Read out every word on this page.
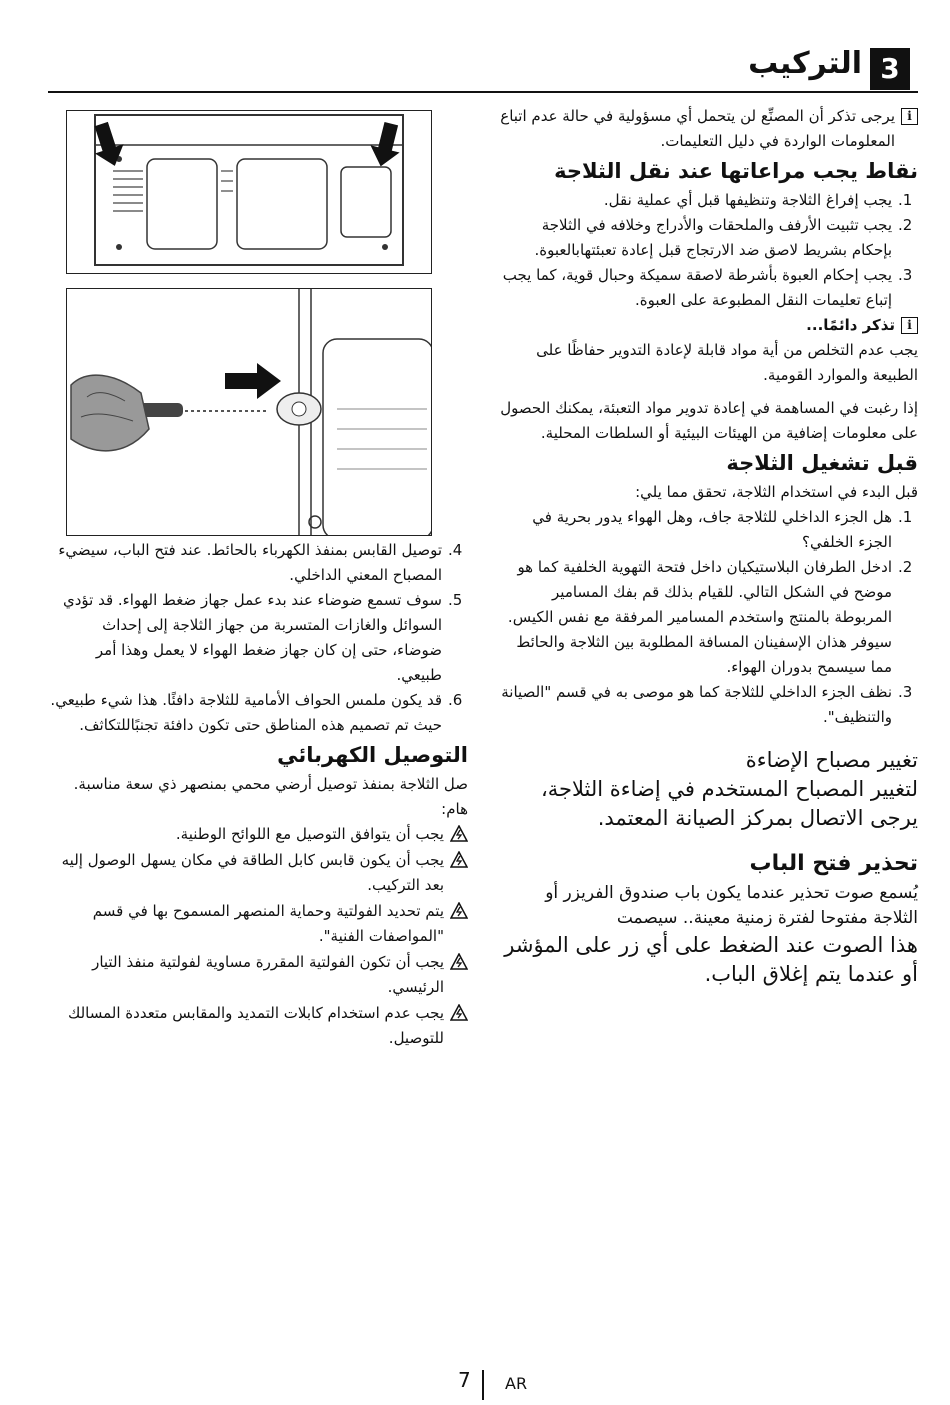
التركيب 3
i

يرجى تذكر أن المصنِّع لن يتحمل أي مسؤولية في حالة عدم اتباع المعلومات الواردة في دليل التعليمات.

نقاط يجب مراعاتها عند نقل الثلاجة
1.
يجب إفراغ الثلاجة وتنظيفها قبل أي عملية نقل.
2.
يجب تثبيت الأرفف والملحقات والأدراج وخلافه في الثلاجة بإحكام بشريط لاصق ضد الارتجاج قبل إعادة تعبئتهابالعبوة.
3.
يجب إحكام العبوة بأشرطة لاصقة سميكة وحبال قوية، كما يجب إتباع تعليمات النقل المطبوعة على العبوة.
i

تذكر دائمًا...

يجب عدم التخلص من أية مواد قابلة لإعادة التدوير حفاظًا على الطبيعة والموارد القومية.

إذا رغبت في المساهمة في إعادة تدوير مواد التعبئة، يمكنك الحصول على معلومات إضافية من الهيئات البيئية أو السلطات المحلية.

قبل تشغيل الثلاجة

قبل البدء في استخدام الثلاجة، تحقق مما يلي:

1.
هل الجزء الداخلي للثلاجة جاف، وهل الهواء يدور بحرية في الجزء الخلفي؟
2.
ادخل الطرفان البلاستيكيان داخل فتحة التهوية الخلفية كما هو موضح في الشكل التالي. للقيام بذلك قم بفك المسامير المربوطة بالمنتج واستخدم المسامير المرفقة مع نفس الكيس.
سيوفر هذان الإسفينان المسافة المطلوبة بين الثلاجة والحائط مما سيسمح بدوران الهواء.
3.
نظف الجزء الداخلي للثلاجة كما هو موصى به في قسم "الصيانة والتنظيف".

تغيير مصباح الإضاءة

لتغيير المصباح المستخدم في إضاءة الثلاجة، يرجى الاتصال بمركز الصيانة المعتمد.

تحذير فتح الباب

يُسمع صوت تحذير عندما يكون باب صندوق الفريزر أو الثلاجة مفتوحا لفترة زمنية معينة.. سيصمت

هذا الصوت عند الضغط على أي زر على المؤشر أو عندما يتم إغلاق الباب.

4.
توصيل القابس بمنفذ الكهرباء بالحائط. عند فتح الباب، سيضيء المصباح المعني الداخلي.
5.
سوف تسمع ضوضاء عند بدء عمل جهاز ضغط الهواء. قد تؤدي السوائل والغازات المتسربة من جهاز الثلاجة إلى إحداث ضوضاء، حتى إن كان جهاز ضغط الهواء لا يعمل وهذا أمر طبيعي.
6.
قد يكون ملمس الحواف الأمامية للثلاجة دافئًا. هذا شيء طبيعي. حيث تم تصميم هذه المناطق حتى تكون دافئة تجنبًاللتكاثف.
التوصيل الكهربائي

صل الثلاجة بمنفذ توصيل أرضي محمي بمنصهر ذي سعة مناسبة.

هام:

يجب أن يتوافق التوصيل مع اللوائح الوطنية.
يجب أن يكون قابس كابل الطاقة في مكان يسهل الوصول إليه بعد التركيب.
يتم تحديد الفولتية وحماية المنصهر المسموح بها في قسم "المواصفات الفنية".
يجب أن تكون الفولتية المقررة مساوية لفولتية منفذ التيار الرئيسي.
يجب عدم استخدام كابلات التمديد والمقابس متعددة المسالك للتوصيل.
7 AR
